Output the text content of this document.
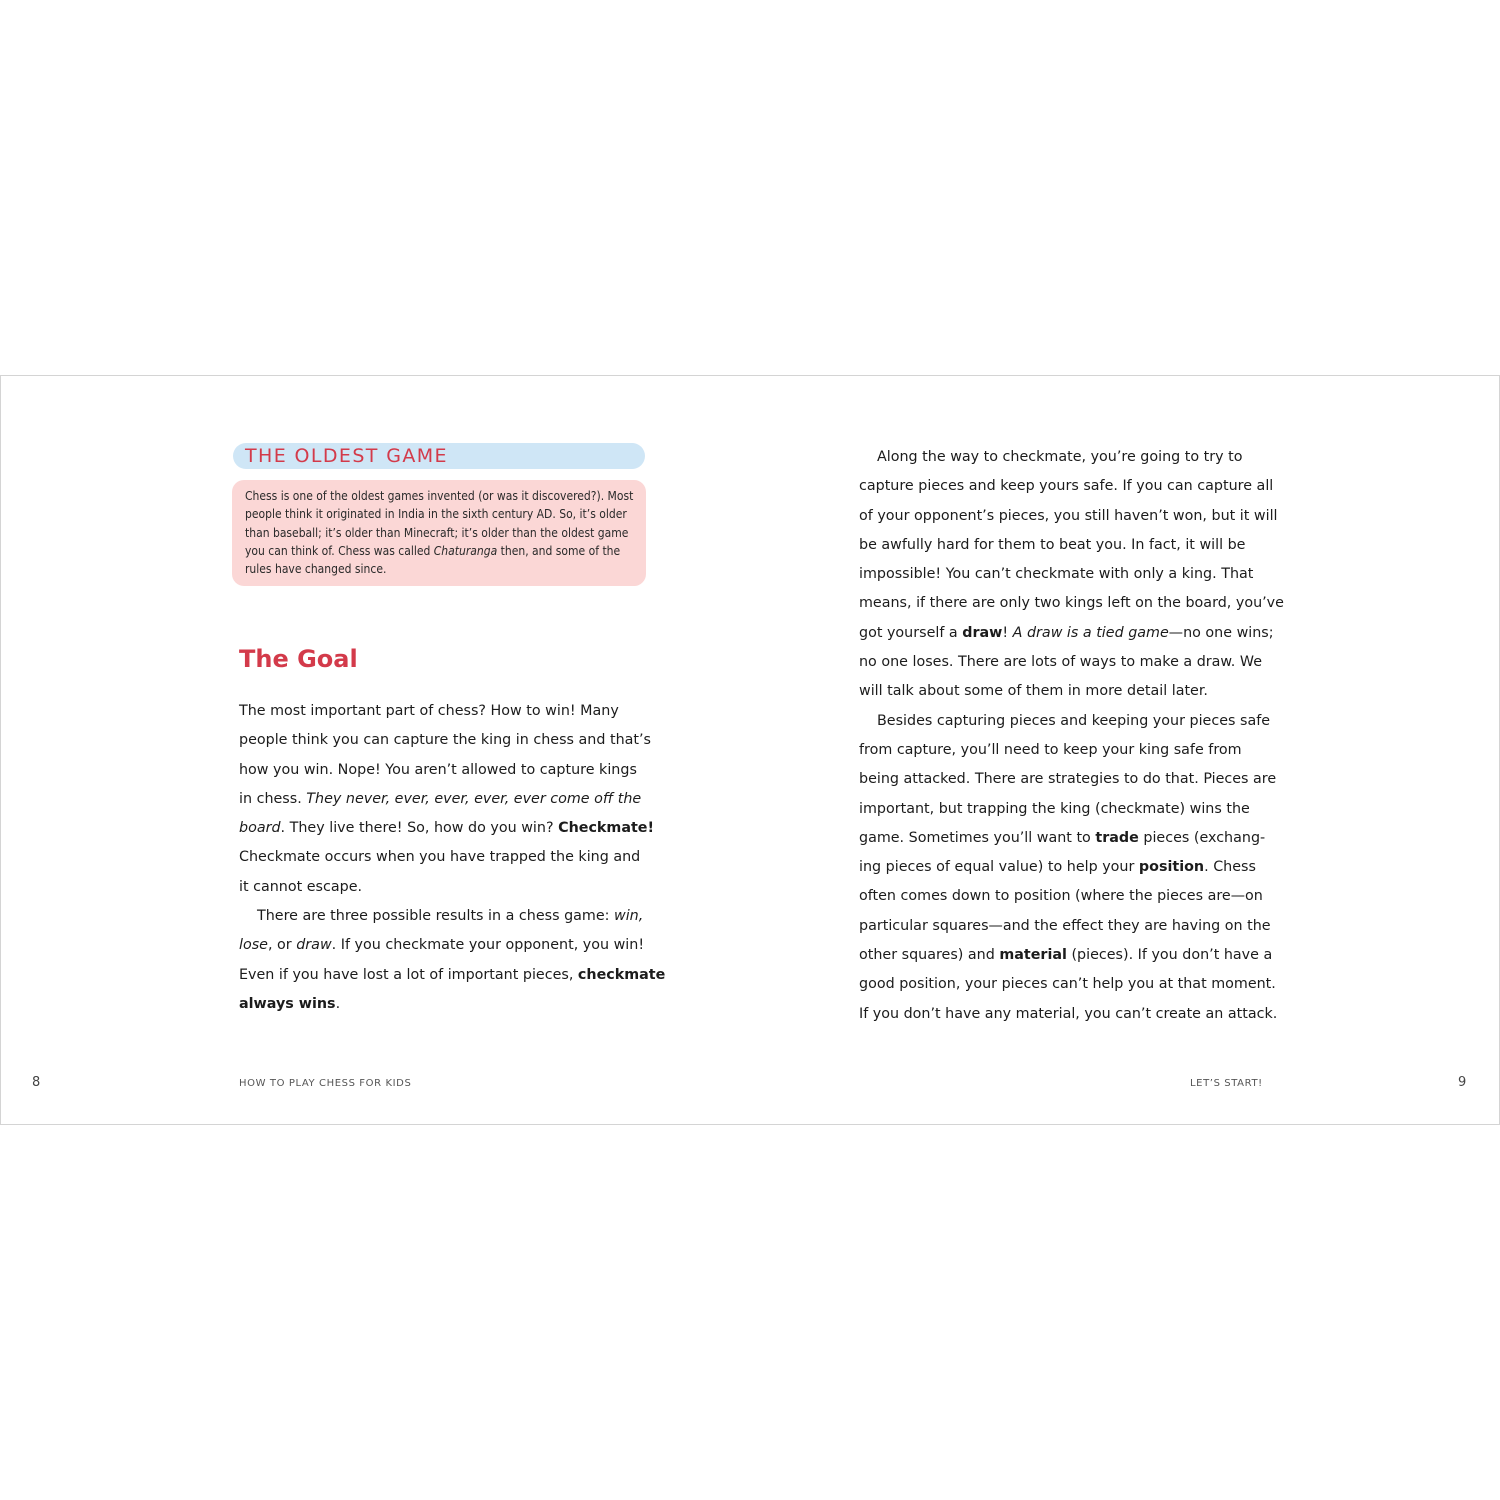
THE OLDEST GAME
Chess is one of the oldest games invented (or was it discovered?). Most
people think it originated in India in the sixth century AD. So, it’s older
than baseball; it’s older than Minecraft; it’s older than the oldest game
you can think of. Chess was called Chaturanga then, and some of the
rules have changed since.
The Goal
The most important part of chess? How to win! Many
people think you can capture the king in chess and that’s
how you win. Nope! You aren’t allowed to capture kings
in chess. They never, ever, ever, ever, ever come off the
board. They live there! So, how do you win? Checkmate!
Checkmate occurs when you have trapped the king and
it cannot escape.
There are three possible results in a chess game: win,
lose, or draw. If you checkmate your opponent, you win!
Even if you have lost a lot of important pieces, checkmate
always wins.
Along the way to checkmate, you’re going to try to
capture pieces and keep yours safe. If you can capture all
of your opponent’s pieces, you still haven’t won, but it will
be awfully hard for them to beat you. In fact, it will be
impossible! You can’t checkmate with only a king. That
means, if there are only two kings left on the board, you’ve
got yourself a draw! A draw is a tied game—no one wins;
no one loses. There are lots of ways to make a draw. We
will talk about some of them in more detail later.
Besides capturing pieces and keeping your pieces safe
from capture, you’ll need to keep your king safe from
being attacked. There are strategies to do that. Pieces are
important, but trapping the king (checkmate) wins the
game. Sometimes you’ll want to trade pieces (exchang-
ing pieces of equal value) to help your position. Chess
often comes down to position (where the pieces are—on
particular squares—and the effect they are having on the
other squares) and material (pieces). If you don’t have a
good position, your pieces can’t help you at that moment.
If you don’t have any material, you can’t create an attack.
8	HOW TO PLAY CHESS FOR KIDS	LET’S START!	9
